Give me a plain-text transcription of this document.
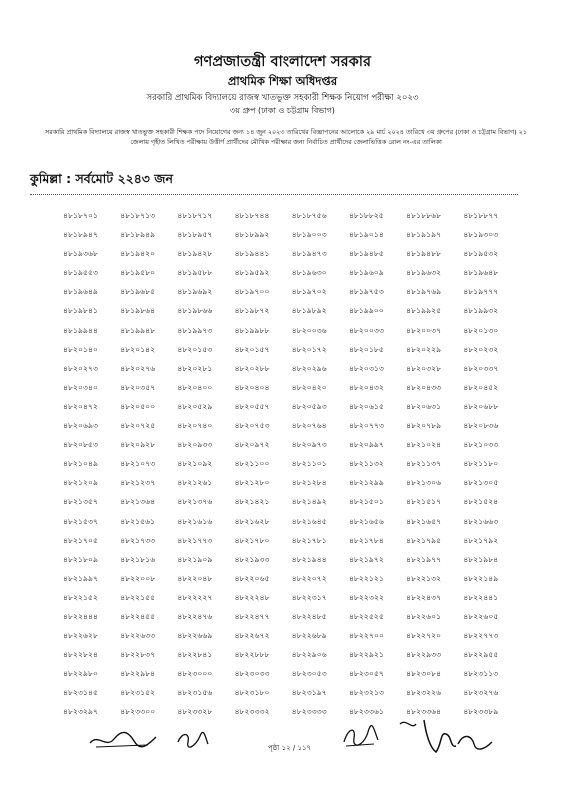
গণপ্রজাতন্ত্রী বাংলাদেশ সরকার
প্রাথমিক শিক্ষা অধিদপ্তর
সরকারি প্রাথমিক বিদ্যালয়ে রাজস্ব খাতভুক্ত সহকারী শিক্ষক নিয়োগ পরীক্ষা ২০২৩
৩য় গ্রুপ (ঢাকা ও চট্টগ্রাম বিভাগ)
সরকারি প্রাথমিক বিদ্যালয়ে রাজস্ব খাতভুক্ত সহকারী শিক্ষক পদে নিয়োগের জন্য ১৪ জুন ২০২৩ তারিখের বিজ্ঞাপনের আলোকে ২৯ মার্চ ২০২৪ তারিখে ৩য় গ্রুপের (ঢাকা ও চট্টগ্রাম বিভাগ) ২১ জেলায় গৃহীত লিখিত পরীক্ষায় উত্তীর্ণ প্রার্থীদের মৌখিক পরীক্ষার জন্য নির্বাচিত প্রার্থীদের জেলাভিত্তিক রোল নং-এর তালিকা
কুমিল্লা : সর্বমোট ২২৪৩ জন
৪৮১৮৭০১	৪৮১৮৭১৩	৪৮১৮৭১৭	৪৮১৮৭৪৪	৪৮১৮৭৫৬	৪৮১৮৮২৫	৪৮১৮৮৬৮	৪৮১৮৮৭৭
৪৮১৮৯৪৭	৪৮১৮৯৪৯	৪৮১৮৯৫৭	৪৮১৮৯৯২	৪৮১৯০০৩	৪৮১৯০১৪	৪৮১৯১৯৭	৪৮১৯৩০৩
৪৮১৯৩৬৮	৪৮১৯৪২০	৪৮১৯৪২৮	৪৮১৯৪৪১	৪৮১৯৪৭৩	৪৮১৯৪৮৫	৪৮১৯৪৮৮	৪৮১৯৫৩২
৪৮১৯৫৫৩	৪৮১৯৫৮০	৪৮১৯৫৮৮	৪৮১৯৫৯২	৪৮১৯৬৩০	৪৮১৯৬০৯	৪৮১৯৬৩২	৪৮১৯৬৪৮
৪৮১৯৬৪৯	৪৮১৯৬৮৫	৪৮১৯৬৯২	৪৮১৯৭০০	৪৮১৯৭০২	৪৮১৯৭৫৩	৪৮১৯৭৬৯	৪৮১৯৭৭৭
৪৮১৯৮৪১	৪৮১৯৮৬৪	৪৮১৯৮৬৬	৪৮১৯৮৭২	৪৮১৯৮৯২	৪৮১৯৯০০	৪৮১৯৯২৫	৪৮১৯৯৩২
৪৮১৯৯৪৪	৪৮১৯৯৪৮	৪৮১৯৯৭৩	৪৮১৯৯৮৮	৪৮২০০৩৬	৪৮২০০৩৩	৪৮২০০৩৭	৪৮২০১৩০
৪৮২০১৪০	৪৮২০১৪২	৪৮২০১৫৩	৪৮২০১৫৭	৪৮২০১৭২	৪৮২০১৮৫	৪৮২০২২৯	৪৮২০২৩২
৪৮২০২৭৩	৪৮২০২৭৬	৪৮২০২৮১	৪৮২০২৮৮	৪৮২০২৯৬	৪৮২০৩১৩	৪৮২০৩২৮	৪৮২০৩৩৭
৪৮২০৩৪০	৪৮২০৩৫৭	৪৮২০৪০০	৪৮২০৪০৪	৪৮২০৪২০	৪৮২০৪৩২	৪৮২০৪৩৩	৪৮২০৪৫২
৪৮২০৪৭২	৪৮২০৫০০	৪৮২০৫২৯	৪৮২০৫৫৭	৪৮২০৫৯৩	৪৮২০৬১৫	৪৮২০৬৩১	৪৮২০৬৮৮
৪৮২০৬৯৩	৪৮২০৭২৫	৪৮২০৭৪০	৪৮২০৭৫৩	৪৮২০৭৬৪	৪৮২০৭৭৩	৪৮২০৭৮৯	৪৮২০৮৩৬
৪৮২০৮৫৩	৪৮২০৯২৮	৪৮২০৯৩৩	৪৮২০৯৭২	৪৮২০৯৭৩	৪৮২০৯৯৭	৪৮২১০২৪	৪৮২১০৩৩
৪৮২১০৪৯	৪৮২১০৭৩	৪৮২১০৯২	৪৮২১১০০	৪৮২১১০১	৪৮২১১৩২	৪৮২১১৩৭	৪৮২১১৮০
৪৮২১২০৯	৪৮২১২৩৭	৪৮২১২৬১	৪৮২১২৮০	৪৮২১২৮৪	৪৮২১২৯৯	৪৮২১৩০৬	৪৮২১৩০৫
৪৮২১৩৫৭	৪৮২১৩৬৪	৪৮২১৩৭৬	৪৮২১৪২১	৪৮২১৪৯২	৪৮২১৫০১	৪৮২১৫১৭	৪৮২১৫২৪
৪৮২১৫৩৭	৪৮২১৫৬১	৪৮২১৬১৬	৪৮২১৬২৮	৪৮২১৬৪৫	৪৮২১৬৫৬	৪৮২১৬৫৭	৪৮২১৬৬৩
৪৮২১৭০৫	৪৮২১৭৩৩	৪৮২১৭৭৩	৪৮২১৭৮০	৪৮২১৭৮১	৪৮২১৭৮৪	৪৮২১৭৯৫	৪৮২১৭৯২
৪৮২১৮০৯	৪৮২১৮১৬	৪৮২১৯০৯	৪৮২১৯৩৩	৪৮২১৯৪৪	৪৮২১৯৭২	৪৮২১৯৭৭	৪৮২১৯৮৪
৪৮২১৯৯৭	৪৮২২০০৮	৪৮২২০৪৮	৪৮২২০৬৫	৪৮২২০৭২	৪৮২২১২১	৪৮২২১৩২	৪৮২২১৪৯
৪৮২২১৫২	৪৮২২১৫৫	৪৮২২২২৭	৪৮২২২৪৮	৪৮২২৩১৭	৪৮২২৩২২	৪৮২২৪৩৭	৪৮২২৪৪১
৪৮২২৪৪৪	৪৮২২৪৫৫	৪৮২২৪৭৬	৪৮২২৪৭৭	৪৮২২৪৮৫	৪৮২২৫২৫	৪৮২২৬০১	৪৮২২৬০৫
৪৮২২৬২৮	৪৮২২৬৩৩	৪৮২২৬৬৯	৪৮২২৬৭২	৪৮২২৬৮৯	৪৮২২৭০০	৪৮২২৭২০	৪৮২২৭৭৩
৪৮২২৮২৪	৪৮২২৮৩৭	৪৮২২৮৪১	৪৮২২৮৮৮	৪৮২২৯০৬	৪৮২২৯২১	৪৮২২৯৩৩	৪৮২২৯৫৫
৪৮২২৯৮০	৪৮২২৯৮৪	৪৮২৩০০০	৪৮২৩০৩৩	৪৮২৩০৫৩	৪৮২৩০৫৭	৪৮২৩০৮৪	৪৮২৩১১৩
৪৮২৩১৪৫	৪৮২৩১৫২	৪৮২৩১৫৬	৪৮২৩১৮০	৪৮২৩১৯৭	৪৮২৩২১৩	৪৮২৩২২৬	৪৮২৩২৭৬
৪৮২৩২৯৭	৪৮২৩৩০০	৪৮২৩৩২৮	৪৮২৩৩৩২	৪৮২৩৩৩৩	৪৮২৩৩৬১	৪৮২৩৩৬৪	৪৮২৩৩৮৯
পৃষ্ঠা ১২ / ১১৭
